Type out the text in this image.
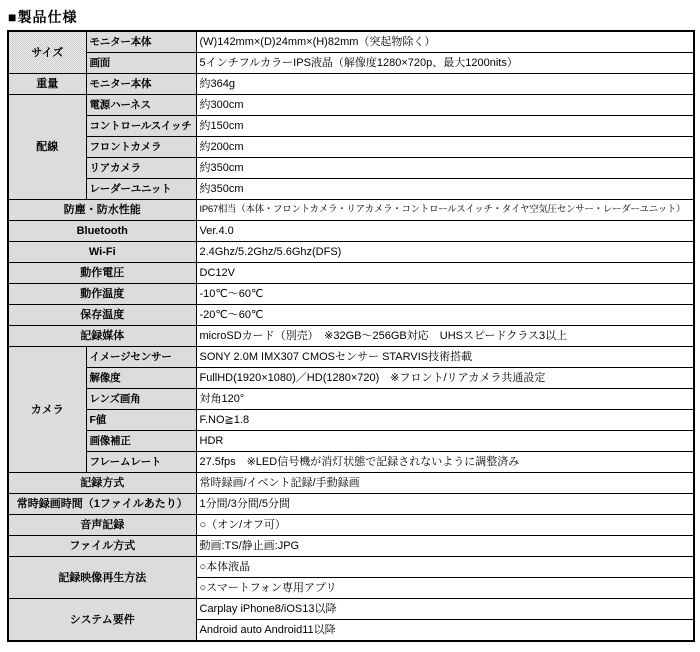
■製品仕様
サイズ	モニター本体	(W)142mm×(D)24mm×(H)82mm（突起物除く）
	画面	5インチフルカラーIPS液晶（解像度1280×720p、最大1200nits）
重量	モニター本体	約364g
配線	電源ハーネス	約300cm
	コントロールスイッチ	約150cm
	フロントカメラ	約200cm
	リアカメラ	約350cm
	レーダーユニット	約350cm
防塵・防水性能		IP67相当（本体・フロントカメラ・リアカメラ・コントロールスイッチ・タイヤ空気圧センサー・レーダーユニット）
Bluetooth		Ver.4.0
Wi-Fi		2.4Ghz/5.2Ghz/5.6Ghz(DFS)
動作電圧		DC12V
動作温度		-10℃～60℃
保存温度		-20℃～60℃
記録媒体		microSDカード（別売）　※32GB～256GB対応　UHSスピードクラス3以上
カメラ	イメージセンサー	SONY 2.0M IMX307 CMOSセンサー STARVIS技術搭載
	解像度	FullHD(1920×1080)／HD(1280×720)　※フロント/リアカメラ共通設定
	レンズ画角	対角120°
	F値	F.NO≧1.8
	画像補正	HDR
	フレームレート	27.5fps　※LED信号機が消灯状態で記録されないように調整済み
記録方式		常時録画/イベント記録/手動録画
常時録画時間（1ファイルあたり）		1分間/3分間/5分間
音声記録		○（オン/オフ可）
ファイル方式		動画:TS/静止画:JPG
記録映像再生方法		○本体液晶
		○スマートフォン専用アプリ
システム要件		Carplay iPhone8/iOS13以降
		Android auto Android11以降
